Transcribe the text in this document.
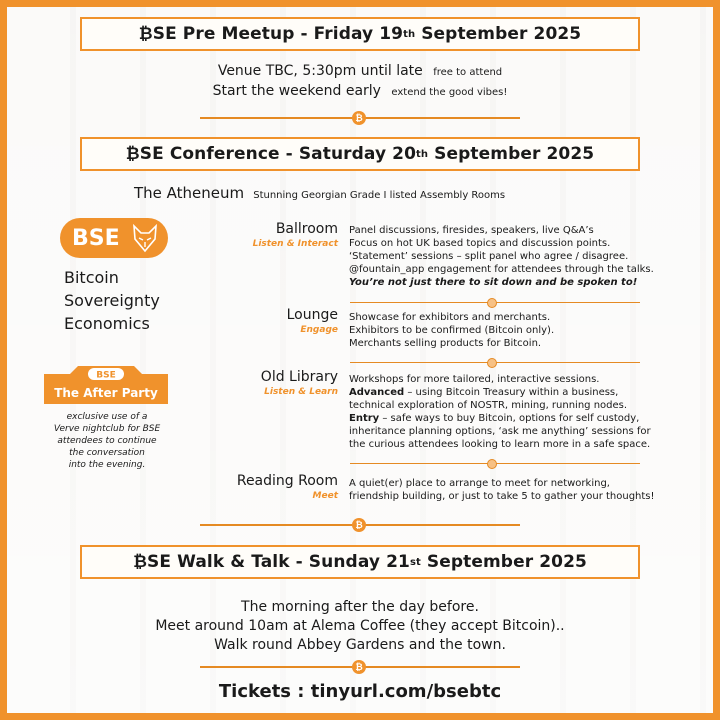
₿SE Pre Meetup - Friday 19 th September 2025
Venue TBC, 5:30pm until late free to attend
Start the weekend early extend the good vibes!
₿
₿SE Conference - Saturday 20 th September 2025
The Atheneum Stunning Georgian Grade I listed Assembly Rooms
BSE
Bitcoin
Sovereignty
Economics
BSE
The After Party
exclusive use of a
Verve nightclub for BSE
attendees to continue
the conversation
into the evening.
Ballroom
Listen & Interact
Panel discussions, firesides, speakers, live Q&A’s
Focus on hot UK based topics and discussion points.
‘Statement’ sessions – split panel who agree / disagree.
@fountain_app engagement for attendees through the talks.
You’re not just there to sit down and be spoken to!
Lounge
Engage
Showcase for exhibitors and merchants.
Exhibitors to be confirmed (Bitcoin only).
Merchants selling products for Bitcoin.
Old Library
Listen & Learn
Workshops for more tailored, interactive sessions.
Advanced – using Bitcoin Treasury within a business,
technical exploration of NOSTR, mining, running nodes.
Entry – safe ways to buy Bitcoin, options for self custody,
inheritance planning options, ‘ask me anything’ sessions for
the curious attendees looking to learn more in a safe space.
Reading Room
Meet
A quiet(er) place to arrange to meet for networking,
friendship building, or just to take 5 to gather your thoughts!
₿
₿SE Walk & Talk - Sunday 21 st September 2025
The morning after the day before.
Meet around 10am at Alema Coffee (they accept Bitcoin)..
Walk round Abbey Gardens and the town.
₿
Tickets : tinyurl.com/bsebtc
